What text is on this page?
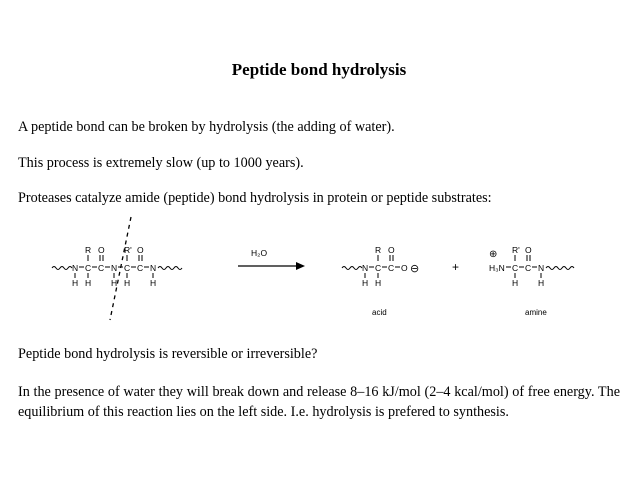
Peptide bond hydrolysis
A peptide bond can be broken by hydrolysis (the adding of water).
This process is extremely slow (up to 1000 years).
Proteases catalyze amide (peptide) bond hydrolysis in protein or peptide substrates:
N C C N C C N
R O R' O
H H H H H
H₂O
N C C O ⊖
R O
H H
acid
+
⊕
H₃N C C N
R' O
H H
amine
Peptide bond hydrolysis is reversible or irreversible?
In the presence of water they will break down and release 8–16 kJ/mol (2–4 kcal/mol) of free energy. The equilibrium of this reaction lies on the left side. I.e. hydrolysis is prefered to synthesis.
